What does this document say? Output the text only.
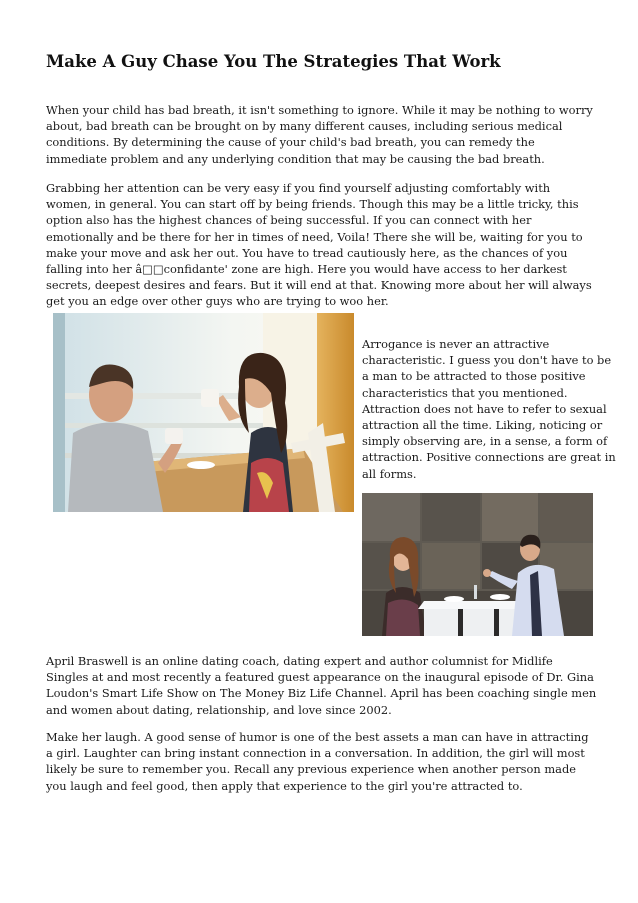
Make A Guy Chase You The Strategies That Work

When your child has bad breath, it isn't something to ignore. While it may be nothing to worry about, bad breath can be brought on by many different causes, including serious medical conditions. By determining the cause of your child's bad breath, you can remedy the immediate problem and any underlying condition that may be causing the bad breath.

Grabbing her attention can be very easy if you find yourself adjusting comfortably with women, in general. You can start off by being friends. Though this may be a little tricky, this option also has the highest chances of being successful. If you can connect with her emotionally and be there for her in times of need, Voila! There she will be, waiting for you to make your move and ask her out. You have to tread cautiously here, as the chances of you falling into her â□□confidante' zone are high. Here you would have access to her darkest secrets, deepest desires and fears. But it will end at that. Knowing more about her will always get you an edge over other guys who are trying to woo her.

Arrogance is never an attractive characteristic. I guess you don't have to be a man to be attracted to those positive characteristics that you mentioned. Attraction does not have to refer to sexual attraction all the time. Liking, noticing or simply observing are, in a sense, a form of attraction. Positive connections are great in all forms.

April Braswell is an online dating coach, dating expert and author columnist for Midlife Singles at and most recently a featured guest appearance on the inaugural episode of Dr. Gina Loudon's Smart Life Show on The Money Biz Life Channel. April has been coaching single men and women about dating, relationship, and love since 2002.

Make her laugh. A good sense of humor is one of the best assets a man can have in attracting a girl. Laughter can bring instant connection in a conversation. In addition, the girl will most likely be sure to remember you. Recall any previous experience when another person made you laugh and feel good, then apply that experience to the girl you're attracted to.
